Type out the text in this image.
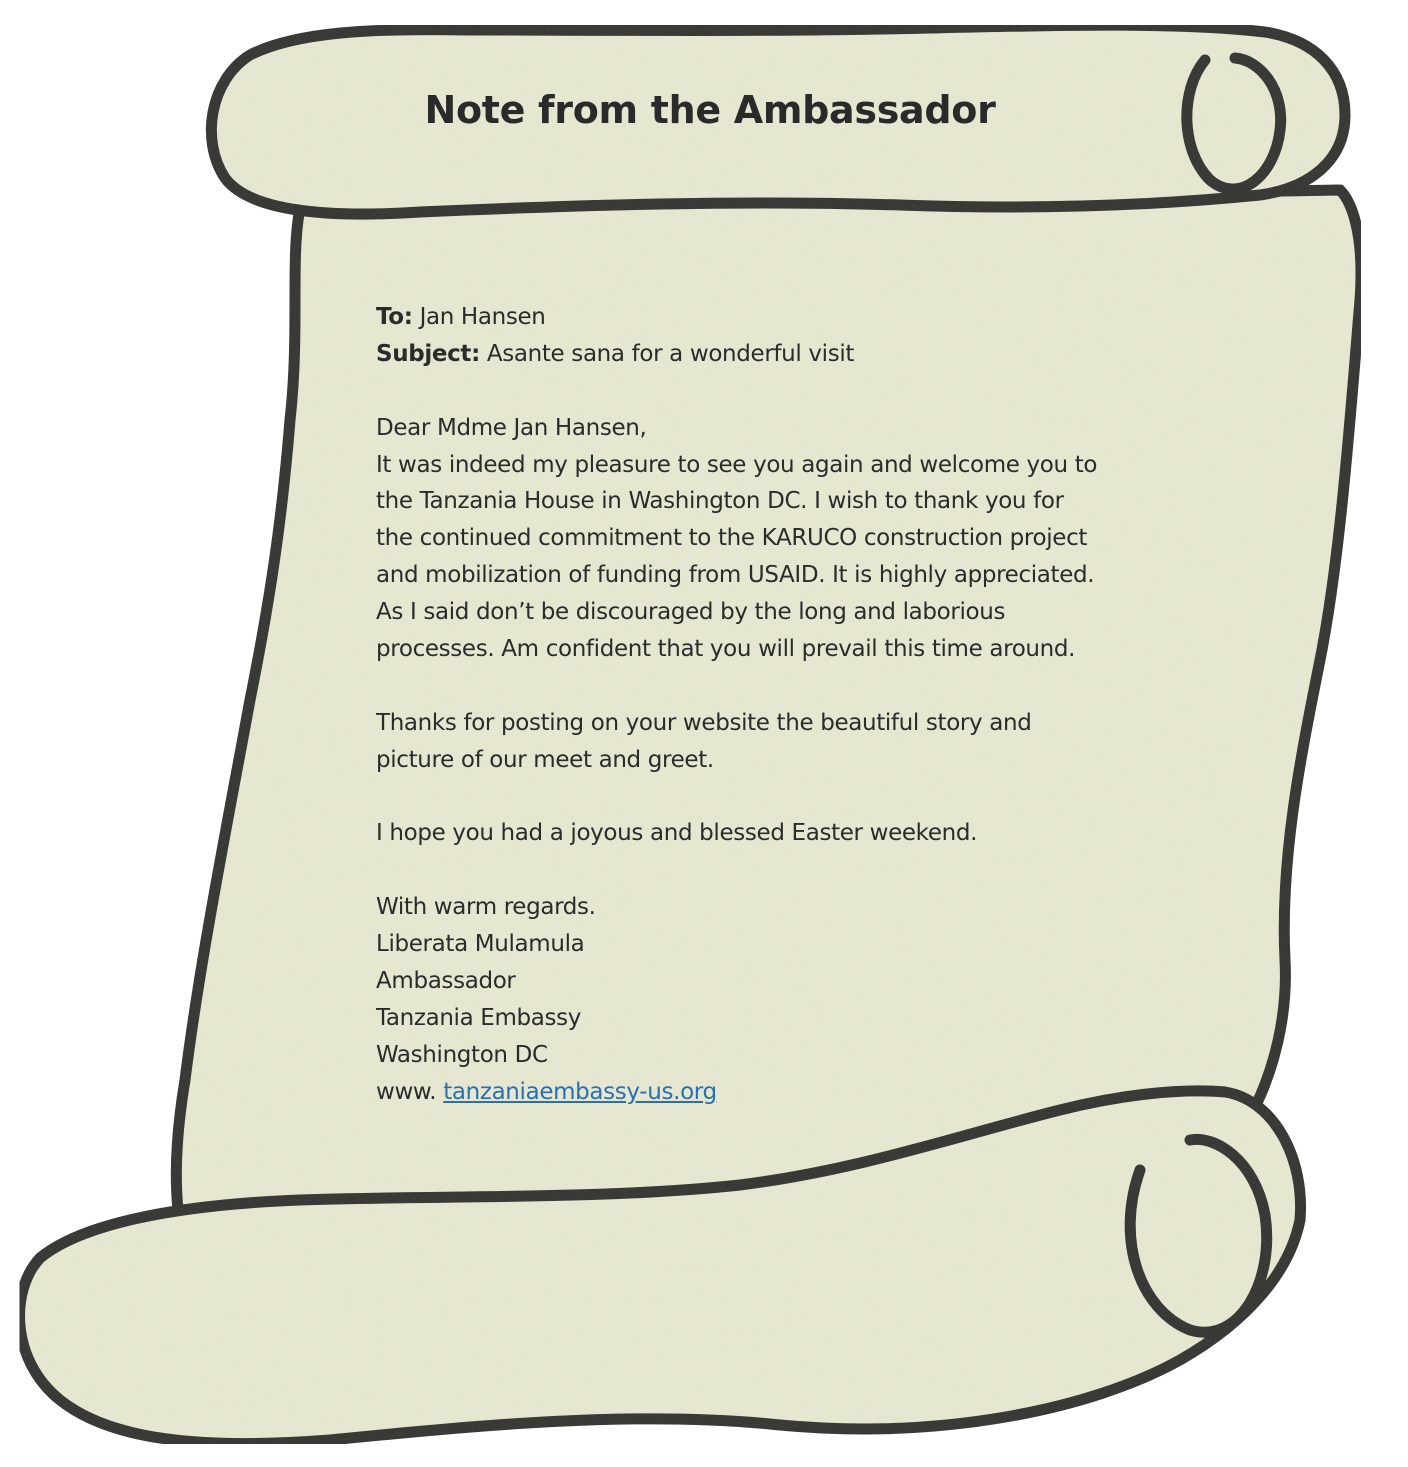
Note from the Ambassador
To: Jan Hansen
Subject: Asante sana for a wonderful visit
Dear Mdme Jan Hansen,
It was indeed my pleasure to see you again and welcome you to
the Tanzania House in Washington DC. I wish to thank you for
the continued commitment to the KARUCO construction project
and mobilization of funding from USAID. It is highly appreciated.
As I said don’t be discouraged by the long and laborious
processes. Am confident that you will prevail this time around.
Thanks for posting on your website the beautiful story and
picture of our meet and greet.
I hope you had a joyous and blessed Easter weekend.
With warm regards.
Liberata Mulamula
Ambassador
Tanzania Embassy
Washington DC
www. tanzaniaembassy-us.org
